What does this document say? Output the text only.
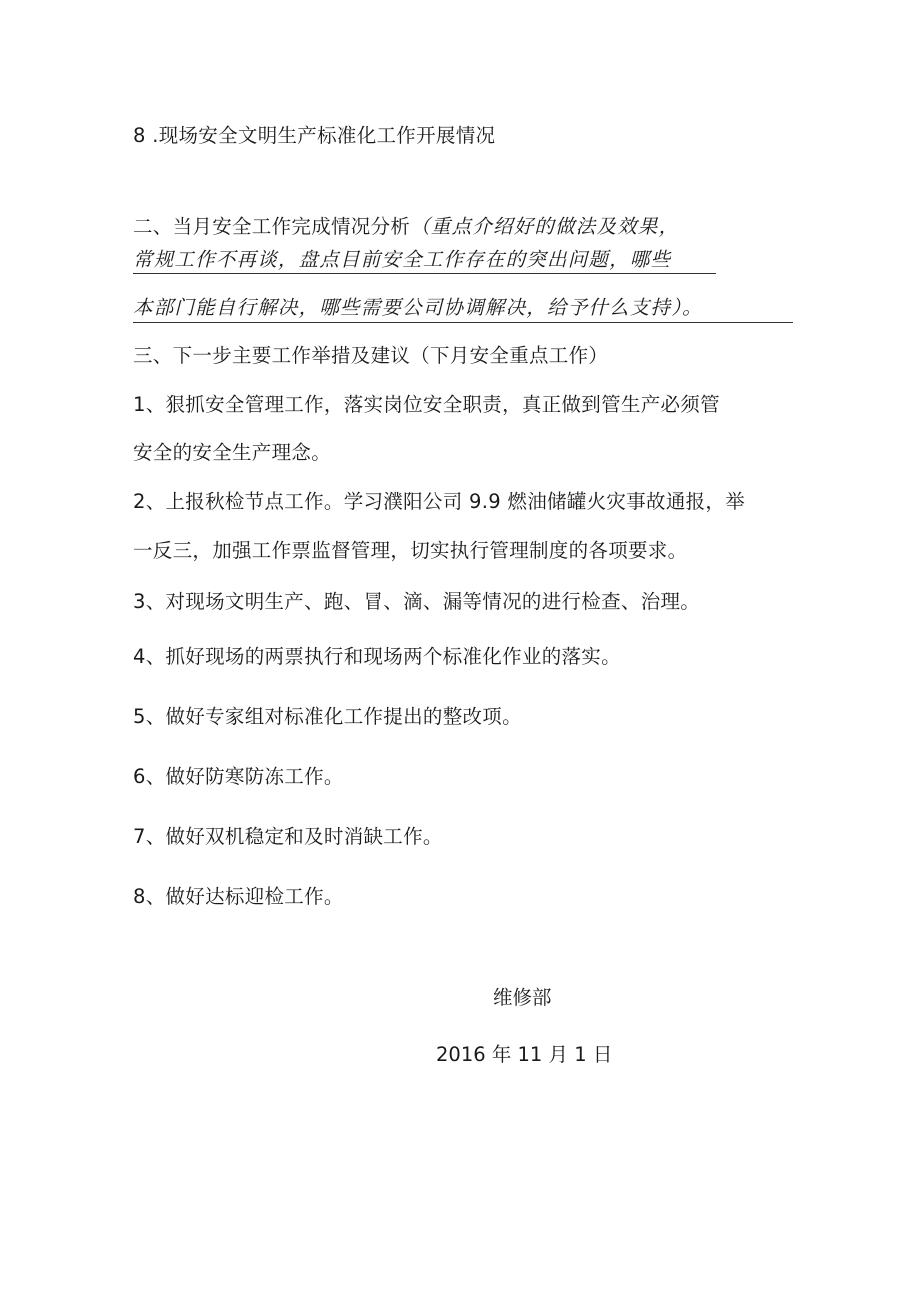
8 .现场安全文明生产标准化工作开展情况
二、当月安全工作完成情况分析（重点介绍好的做法及效果，
常规工作不再谈，盘点目前安全工作存在的突出问题，哪些
本部门能自行解决，哪些需要公司协调解决，给予什么支持）。
三、下一步主要工作举措及建议（下月安全重点工作）
1、狠抓安全管理工作，落实岗位安全职责，真正做到管生产必须管
安全的安全生产理念。
2、上报秋检节点工作。学习濮阳公司 9.9 燃油储罐火灾事故通报，举
一反三，加强工作票监督管理，切实执行管理制度的各项要求。
3、对现场文明生产、跑、冒、滴、漏等情况的进行检查、治理。
4、抓好现场的两票执行和现场两个标准化作业的落实。
5、做好专家组对标准化工作提出的整改项。
6、做好防寒防冻工作。
7、做好双机稳定和及时消缺工作。
8、做好达标迎检工作。
维修部
2016 年 11 月 1 日
